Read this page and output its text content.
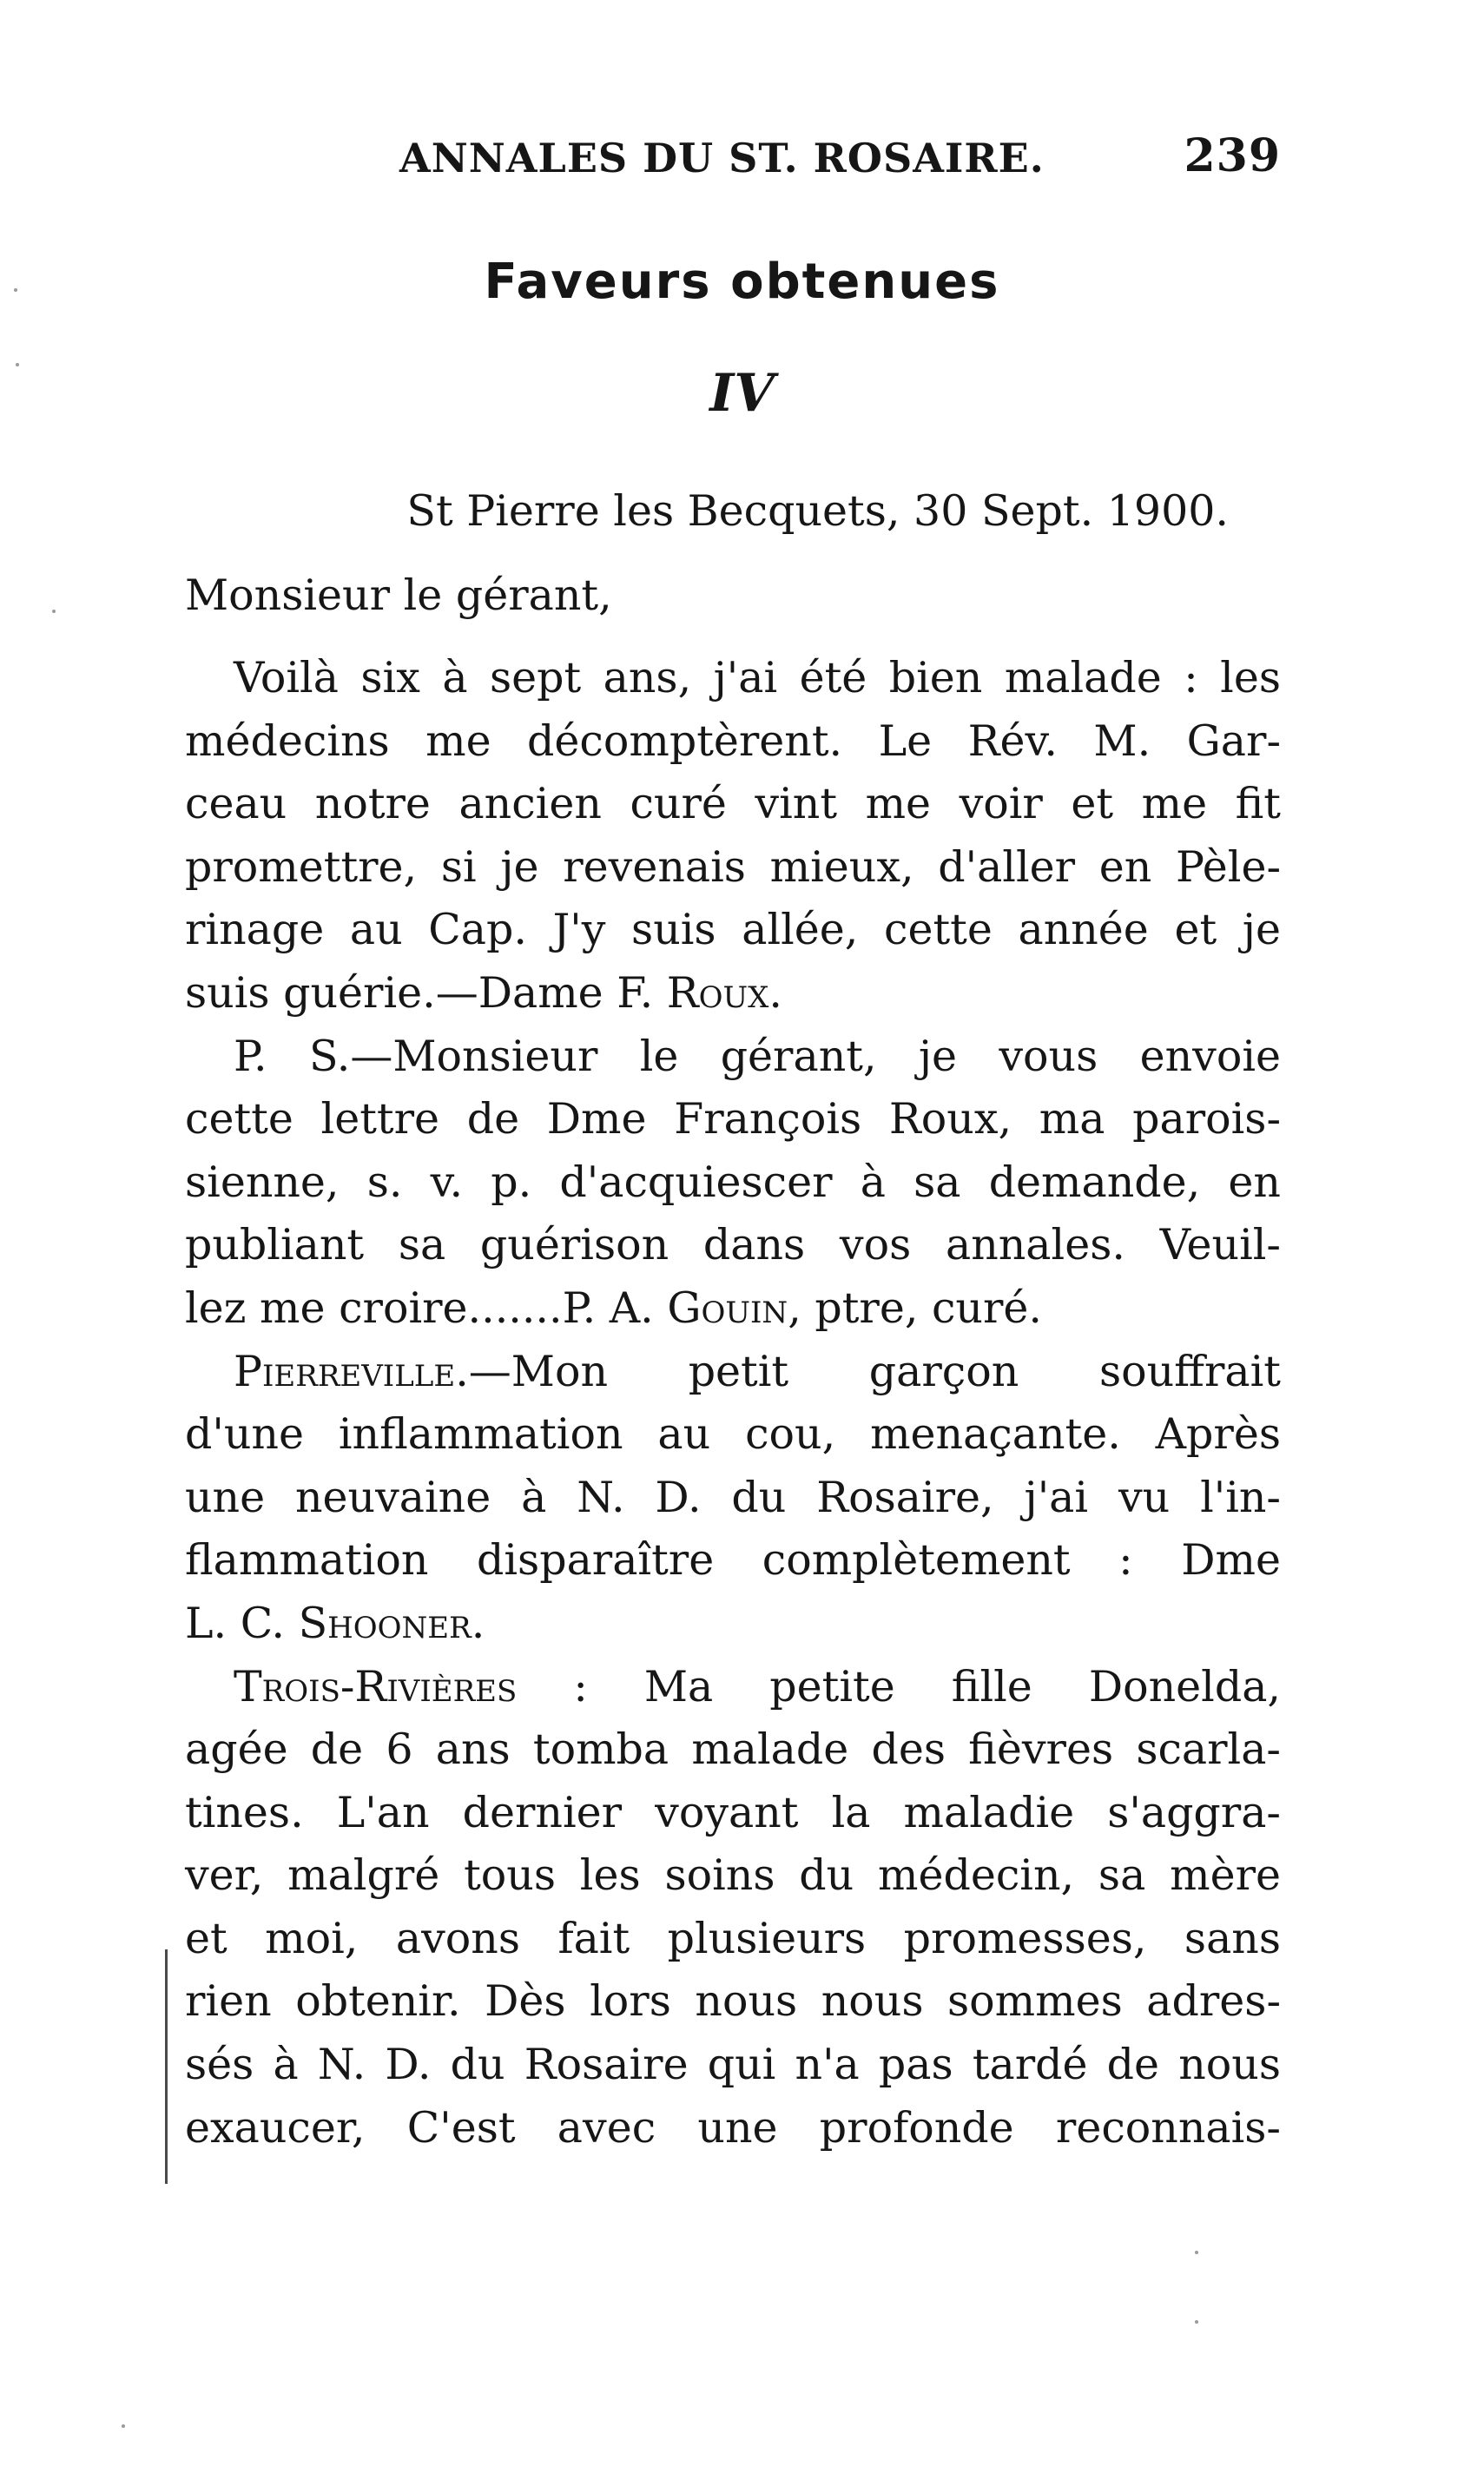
ANNALES DU ST. ROSAIRE.	239
Faveurs obtenues
IV
St Pierre les Becquets, 30 Sept. 1900.
Monsieur le gérant,
Voilà six à sept ans, j'ai été bien malade : les
médecins me décomptèrent. Le Rév. M. Gar-
ceau notre ancien curé vint me voir et me fit
promettre, si je revenais mieux, d'aller en Pèle-
rinage au Cap. J'y suis allée, cette année et je
suis guérie.—Dame F. Roux.
P. S.—Monsieur le gérant, je vous envoie
cette lettre de Dme François Roux, ma parois-
sienne, s. v. p. d'acquiescer à sa demande, en
publiant sa guérison dans vos annales. Veuil-
lez me croire.......P. A. Gouin, ptre, curé.
Pierreville.—Mon petit garçon souffrait
d'une inflammation au cou, menaçante. Après
une neuvaine à N. D. du Rosaire, j'ai vu l'in-
flammation disparaître complètement : Dme
L. C. Shooner.
Trois-Rivières : Ma petite fille Donelda,
agée de 6 ans tomba malade des fièvres scarla-
tines. L'an dernier voyant la maladie s'aggra-
ver, malgré tous les soins du médecin, sa mère
et moi, avons fait plusieurs promesses, sans
rien obtenir. Dès lors nous nous sommes adres-
sés à N. D. du Rosaire qui n'a pas tardé de nous
exaucer, C'est avec une profonde reconnais-
